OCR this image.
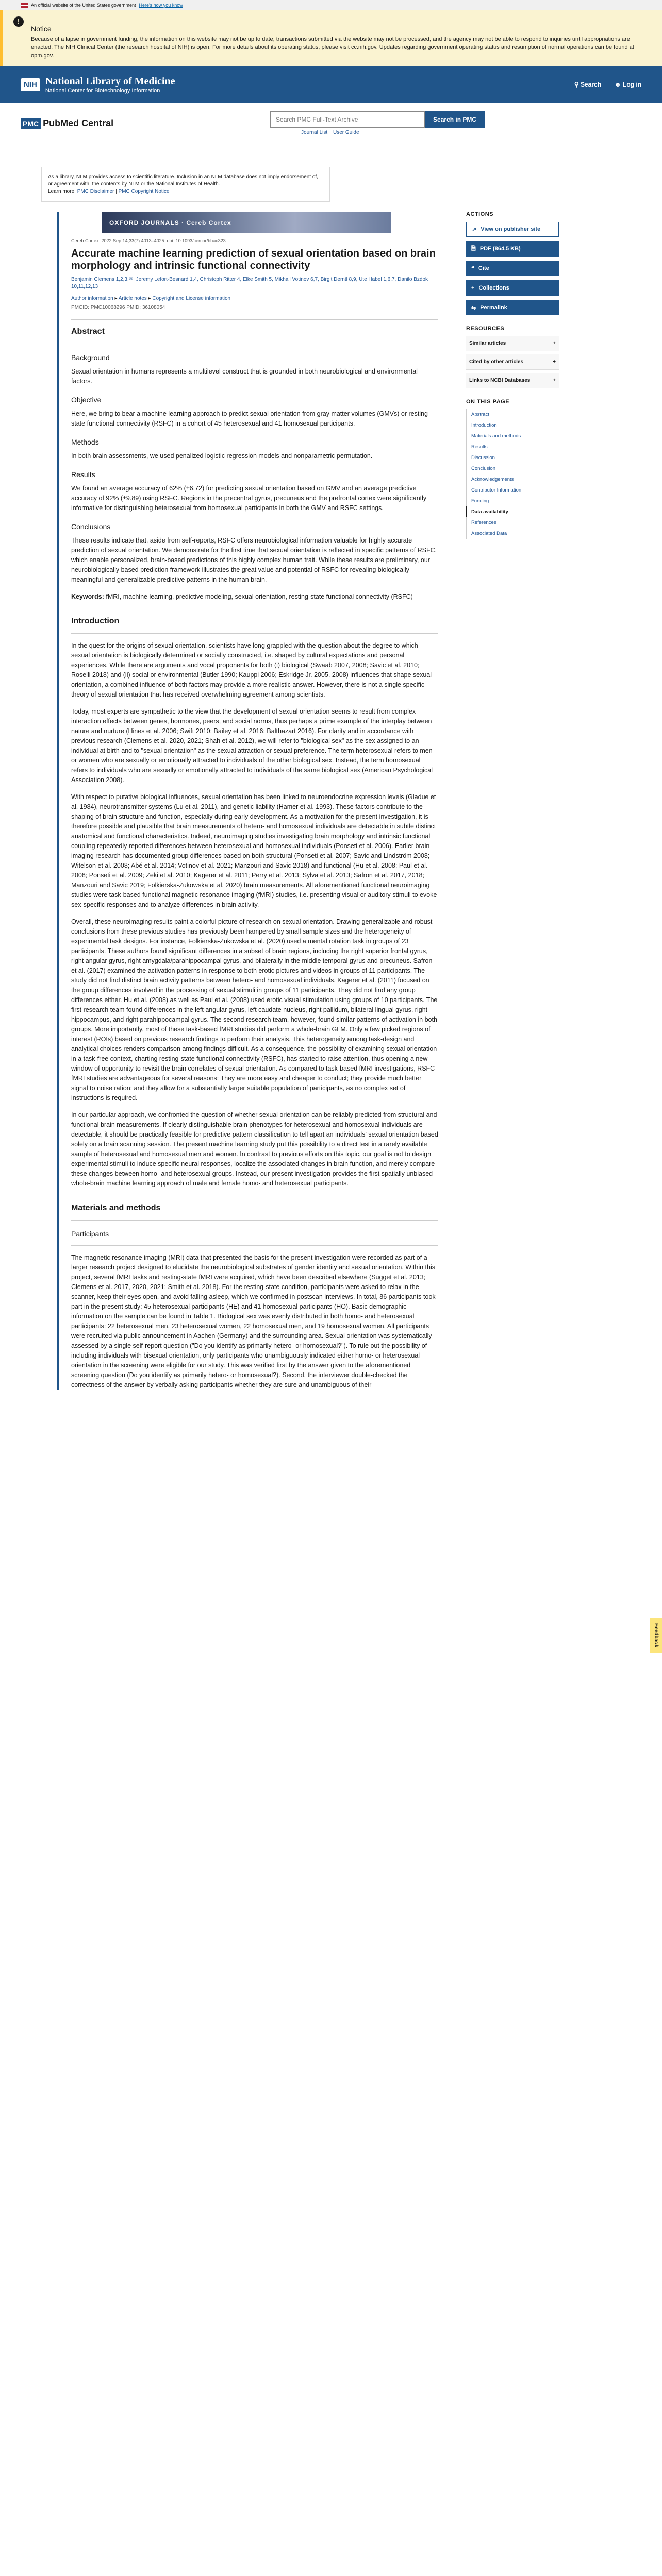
An official website of the United States government Here's how you know
!
Notice
Because of a lapse in government funding, the information on this website may not be up to date, transactions submitted via the website may not be processed, and the agency may not be able to respond to inquiries until appropriations are enacted. The NIH Clinical Center (the research hospital of NIH) is open. For more details about its operating status, please visit cc.nih.gov. Updates regarding government operating status and resumption of normal operations can be found at opm.gov.
NIH National Library of Medicine
National Center for Biotechnology Information
⚲ Search ☻ Log in
PMC PubMed Central
Search PMC Full-Text Archive	Search in PMC
Journal List User Guide
As a library, NLM provides access to scientific literature. Inclusion in an NLM database does not imply endorsement of, or agreement with, the contents by NLM or the National Institutes of Health.
Learn more: PMC Disclaimer | PMC Copyright Notice
OXFORD JOURNALS · Cereb Cortex
Cereb Cortex. 2022 Sep 14;33(7):4013–4025. doi: 10.1093/cercor/bhac323
Accurate machine learning prediction of sexual orientation based on brain morphology and intrinsic functional connectivity
Benjamin Clemens 1,2,3,✉, Jeremy Lefort-Besnard 1,4, Christoph Ritter 4, Elke Smith 5, Mikhail Votinov 6,7, Birgit Derntl 8,9, Ute Habel 1,6,7, Danilo Bzdok 10,11,12,13
Author information ▸ Article notes ▸ Copyright and License information
PMCID: PMC10068296 PMID: 36108054
Abstract
Background

Sexual orientation in humans represents a multilevel construct that is grounded in both neurobiological and environmental factors.

Objective

Here, we bring to bear a machine learning approach to predict sexual orientation from gray matter volumes (GMVs) or resting-state functional connectivity (RSFC) in a cohort of 45 heterosexual and 41 homosexual participants.

Methods

In both brain assessments, we used penalized logistic regression models and nonparametric permutation.

Results

We found an average accuracy of 62% (±6.72) for predicting sexual orientation based on GMV and an average predictive accuracy of 92% (±9.89) using RSFC. Regions in the precentral gyrus, precuneus and the prefrontal cortex were significantly informative for distinguishing heterosexual from homosexual participants in both the GMV and RSFC settings.

Conclusions

These results indicate that, aside from self-reports, RSFC offers neurobiological information valuable for highly accurate prediction of sexual orientation. We demonstrate for the first time that sexual orientation is reflected in specific patterns of RSFC, which enable personalized, brain-based predictions of this highly complex human trait. While these results are preliminary, our neurobiologically based prediction framework illustrates the great value and potential of RSFC for revealing biologically meaningful and generalizable predictive patterns in the human brain.

Keywords: fMRI, machine learning, predictive modeling, sexual orientation, resting-state functional connectivity (RSFC)

Introduction

In the quest for the origins of sexual orientation, scientists have long grappled with the question about the degree to which sexual orientation is biologically determined or socially constructed, i.e. shaped by cultural expectations and personal experiences. While there are arguments and vocal proponents for both (i) biological (Swaab 2007, 2008; Savic et al. 2010; Roselli 2018) and (ii) social or environmental (Butler 1990; Kauppi 2006; Eskridge Jr. 2005, 2008) influences that shape sexual orientation, a combined influence of both factors may provide a more realistic answer. However, there is not a single specific theory of sexual orientation that has received overwhelming agreement among scientists.

Today, most experts are sympathetic to the view that the development of sexual orientation seems to result from complex interaction effects between genes, hormones, peers, and social norms, thus perhaps a prime example of the interplay between nature and nurture (Hines et al. 2006; Swift 2010; Bailey et al. 2016; Balthazart 2016). For clarity and in accordance with previous research (Clemens et al. 2020, 2021; Shah et al. 2012), we will refer to "biological sex" as the sex assigned to an individual at birth and to "sexual orientation" as the sexual attraction or sexual preference. The term heterosexual refers to men or women who are sexually or emotionally attracted to individuals of the other biological sex. Instead, the term homosexual refers to individuals who are sexually or emotionally attracted to individuals of the same biological sex (American Psychological Association 2008).

With respect to putative biological influences, sexual orientation has been linked to neuroendocrine expression levels (Gladue et al. 1984), neurotransmitter systems (Lu et al. 2011), and genetic liability (Hamer et al. 1993). These factors contribute to the shaping of brain structure and function, especially during early development. As a motivation for the present investigation, it is therefore possible and plausible that brain measurements of hetero- and homosexual individuals are detectable in subtle distinct anatomical and functional characteristics. Indeed, neuroimaging studies investigating brain morphology and intrinsic functional coupling repeatedly reported differences between heterosexual and homosexual individuals (Ponseti et al. 2006). Earlier brain-imaging research has documented group differences based on both structural (Ponseti et al. 2007; Savic and Lindström 2008; Witelson et al. 2008; Abé et al. 2014; Votinov et al. 2021; Manzouri and Savic 2018) and functional (Hu et al. 2008; Paul et al. 2008; Ponseti et al. 2009; Zeki et al. 2010; Kagerer et al. 2011; Perry et al. 2013; Sylva et al. 2013; Safron et al. 2017, 2018; Manzouri and Savic 2019; Folkierska-Żukowska et al. 2020) brain measurements. All aforementioned functional neuroimaging studies were task-based functional magnetic resonance imaging (fMRI) studies, i.e. presenting visual or auditory stimuli to evoke sex-specific responses and to analyze differences in brain activity.

Overall, these neuroimaging results paint a colorful picture of research on sexual orientation. Drawing generalizable and robust conclusions from these previous studies has previously been hampered by small sample sizes and the heterogeneity of experimental task designs. For instance, Folkierska-Żukowska et al. (2020) used a mental rotation task in groups of 23 participants. These authors found significant differences in a subset of brain regions, including the right superior frontal gyrus, right angular gyrus, right amygdala/parahippocampal gyrus, and bilaterally in the middle temporal gyrus and precuneus. Safron et al. (2017) examined the activation patterns in response to both erotic pictures and videos in groups of 11 participants. The study did not find distinct brain activity patterns between hetero- and homosexual individuals. Kagerer et al. (2011) focused on the group differences involved in the processing of sexual stimuli in groups of 11 participants. They did not find any group differences either. Hu et al. (2008) as well as Paul et al. (2008) used erotic visual stimulation using groups of 10 participants. The first research team found differences in the left angular gyrus, left caudate nucleus, right pallidum, bilateral lingual gyrus, right hippocampus, and right parahippocampal gyrus. The second research team, however, found similar patterns of activation in both groups. More importantly, most of these task-based fMRI studies did perform a whole-brain GLM. Only a few picked regions of interest (ROIs) based on previous research findings to perform their analysis. This heterogeneity among task-design and analytical choices renders comparison among findings difficult. As a consequence, the possibility of examining sexual orientation in a task-free context, charting resting-state functional connectivity (RSFC), has started to raise attention, thus opening a new window of opportunity to revisit the brain correlates of sexual orientation. As compared to task-based fMRI investigations, RSFC fMRI studies are advantageous for several reasons: They are more easy and cheaper to conduct; they provide much better signal to noise ration; and they allow for a substantially larger suitable population of participants, as no complex set of instructions is required.

In our particular approach, we confronted the question of whether sexual orientation can be reliably predicted from structural and functional brain measurements. If clearly distinguishable brain phenotypes for heterosexual and homosexual individuals are detectable, it should be practically feasible for predictive pattern classification to tell apart an individuals' sexual orientation based solely on a brain scanning session. The present machine learning study put this possibility to a direct test in a rarely available sample of heterosexual and homosexual men and women. In contrast to previous efforts on this topic, our goal is not to design experimental stimuli to induce specific neural responses, localize the associated changes in brain function, and merely compare these changes between homo- and heterosexual groups. Instead, our present investigation provides the first spatially unbiased whole-brain machine learning approach of male and female homo- and heterosexual participants.

Materials and methods
Participants

The magnetic resonance imaging (MRI) data that presented the basis for the present investigation were recorded as part of a larger research project designed to elucidate the neurobiological substrates of gender identity and sexual orientation. Within this project, several fMRI tasks and resting-state fMRI were acquired, which have been described elsewhere (Sugget et al. 2013; Clemens et al. 2017, 2020, 2021; Smith et al. 2018). For the resting-state condition, participants were asked to relax in the scanner, keep their eyes open, and avoid falling asleep, which we confirmed in postscan interviews. In total, 86 participants took part in the present study: 45 heterosexual participants (HE) and 41 homosexual participants (HO). Basic demographic information on the sample can be found in Table 1. Biological sex was evenly distributed in both homo- and heterosexual participants: 22 heterosexual men, 23 heterosexual women, 22 homosexual men, and 19 homosexual women. All participants were recruited via public announcement in Aachen (Germany) and the surrounding area. Sexual orientation was systematically assessed by a single self-report question ("Do you identify as primarily hetero- or homosexual?"). To rule out the possibility of including individuals with bisexual orientation, only participants who unambiguously indicated either homo- or heterosexual orientation in the screening were eligible for our study. This was verified first by the answer given to the aforementioned screening question (Do you identify as primarily hetero- or homosexual?). Second, the interviewer double-checked the correctness of the answer by verbally asking participants whether they are sure and unambiguous of their

ACTIONS
↗ View on publisher site
🗎 PDF (864.5 KB)
❝ Cite
+ Collections
⇆ Permalink
RESOURCES
Similar articles	+
Cited by other articles	+
Links to NCBI Databases	+
ON THIS PAGE
Abstract
Introduction
Materials and methods
Results
Discussion
Conclusion
Acknowledgements
Contributor Information
Funding
Data availability
References
Associated Data
Feedback
